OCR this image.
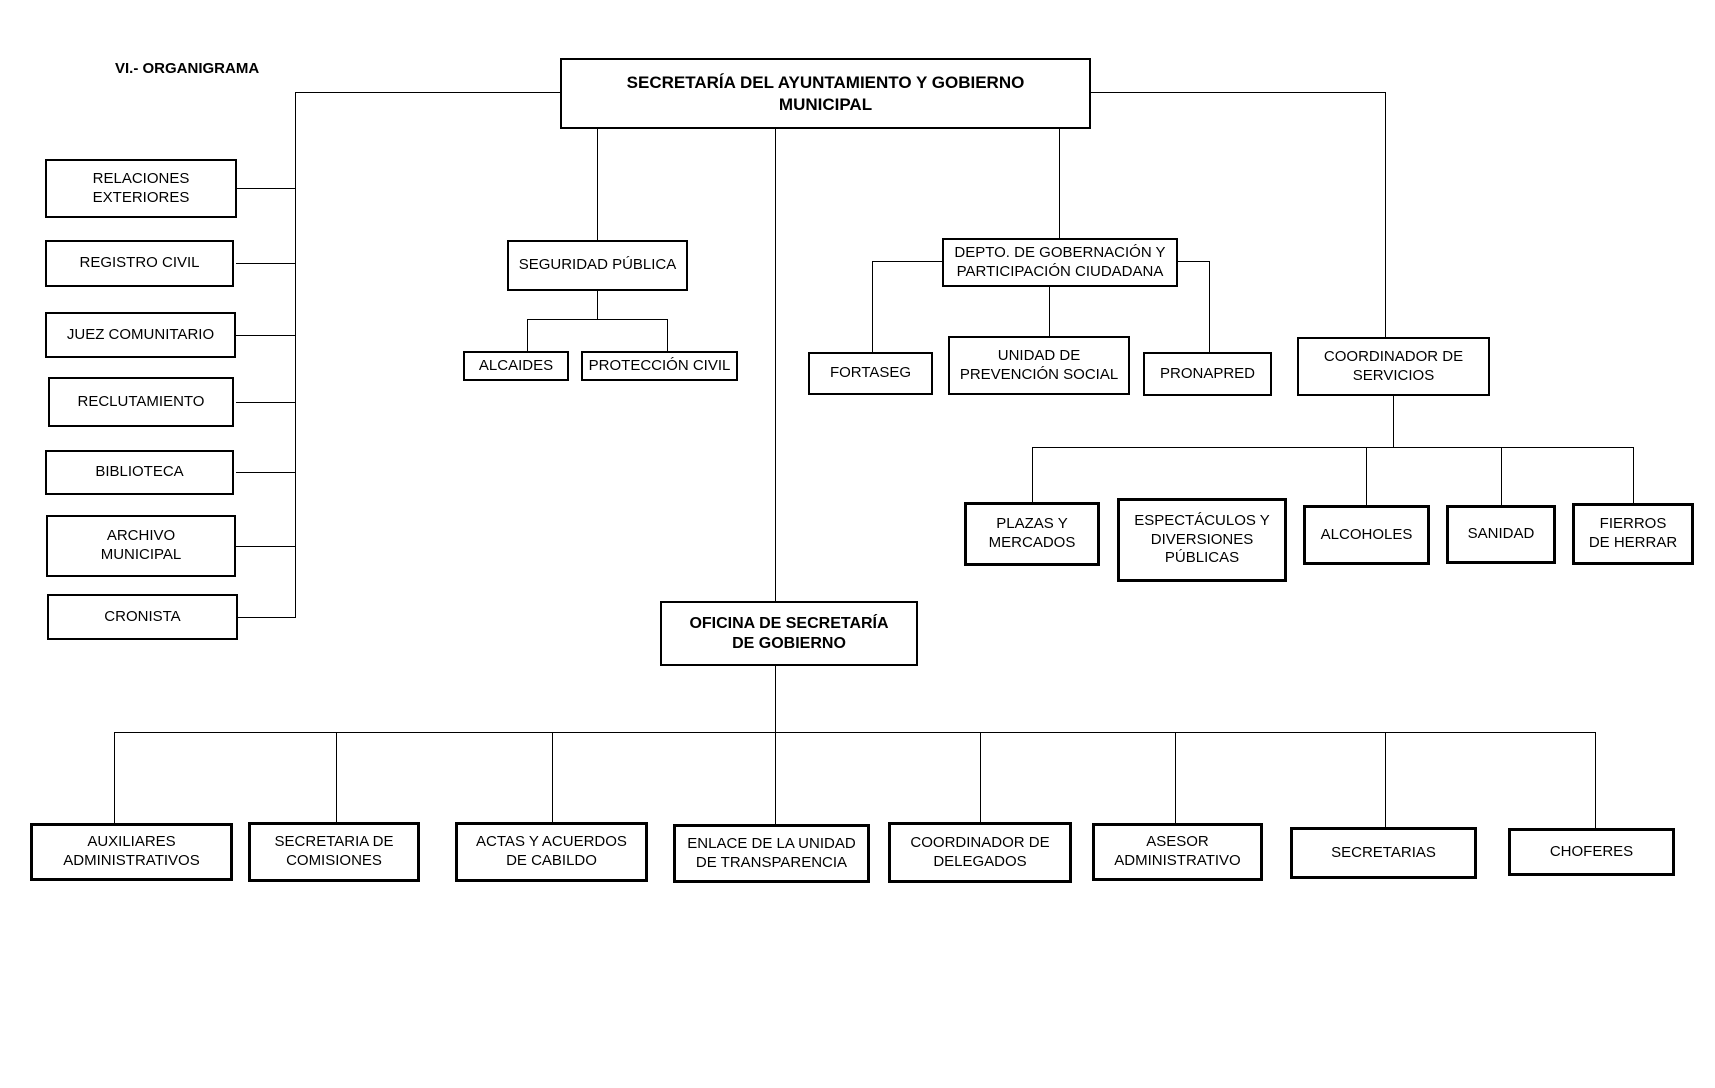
VI.- ORGANIGRAMA
SECRETARÍA DEL AYUNTAMIENTO Y GOBIERNO MUNICIPAL
RELACIONES EXTERIORES
REGISTRO CIVIL
JUEZ COMUNITARIO
RECLUTAMIENTO
BIBLIOTECA
ARCHIVO MUNICIPAL
CRONISTA
SEGURIDAD PÚBLICA
ALCAIDES PROTECCIÓN CIVIL
DEPTO. DE GOBERNACIÓN Y PARTICIPACIÓN CIUDADANA
FORTASEG
UNIDAD DE PREVENCIÓN SOCIAL	PRONAPRED
COORDINADOR DE SERVICIOS
PLAZAS Y MERCADOS
ESPECTÁCULOS Y DIVERSIONES PÚBLICAS
ALCOHOLES	SANIDAD
FIERROS DE HERRAR
OFICINA DE SECRETARÍA DE GOBIERNO
AUXILIARES ADMINISTRATIVOS
SECRETARIA DE COMISIONES
ACTAS Y ACUERDOS DE CABILDO
ENLACE DE LA UNIDAD DE TRANSPARENCIA
COORDINADOR DE DELEGADOS
ASESOR ADMINISTRATIVO	SECRETARIAS	CHOFERES
